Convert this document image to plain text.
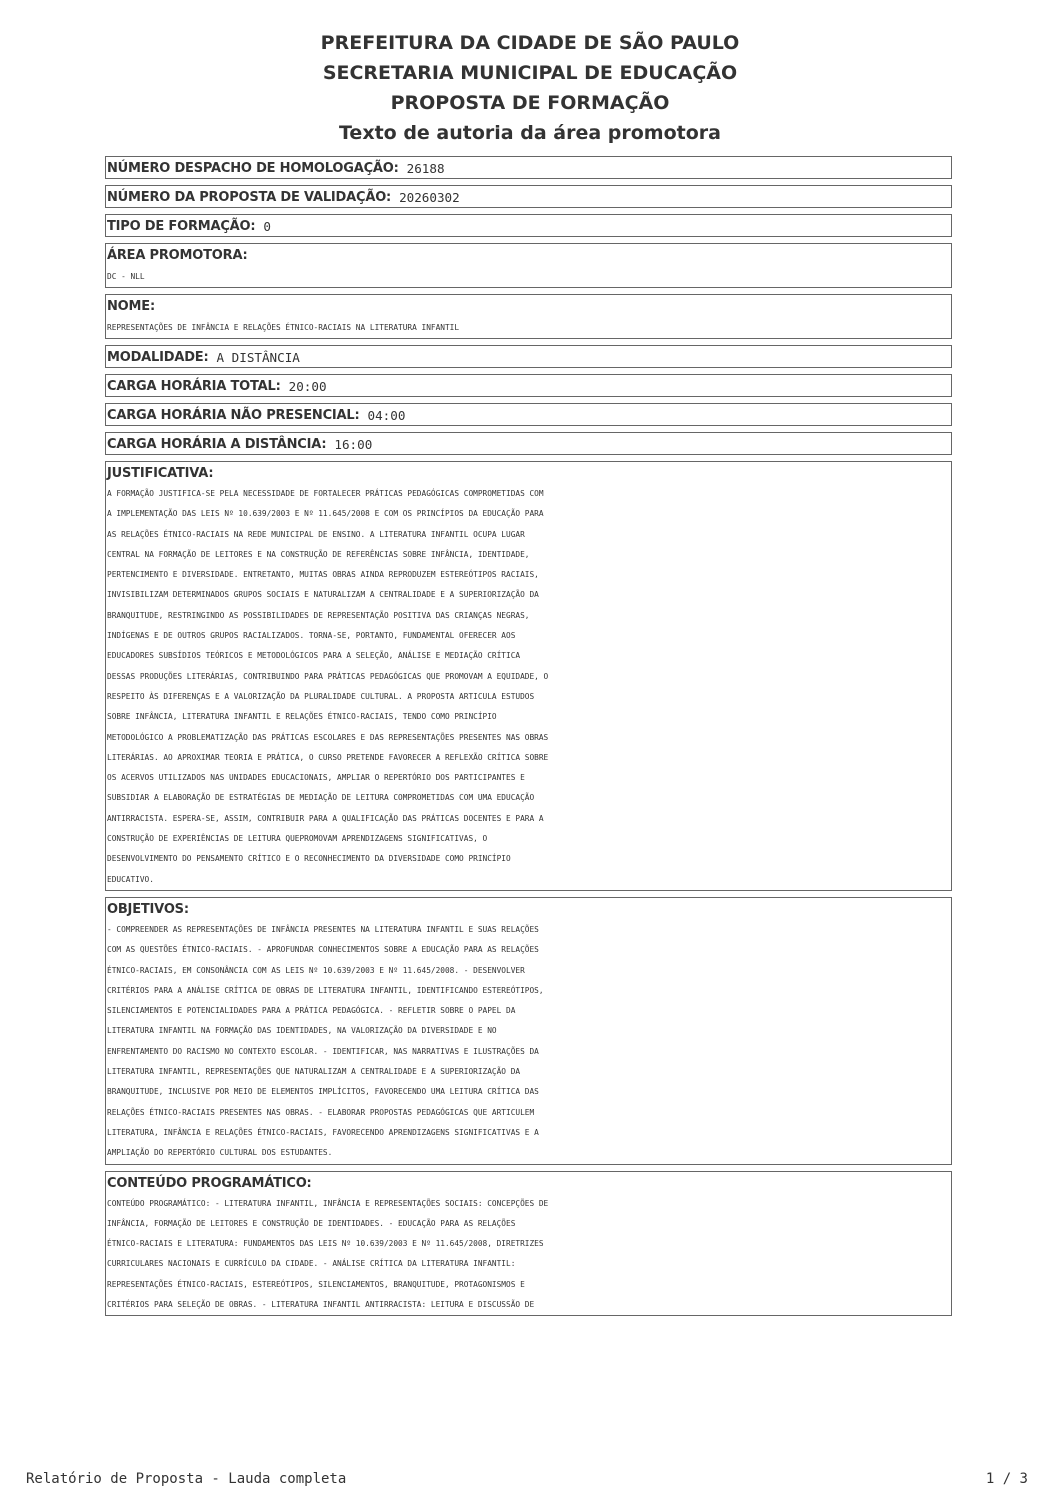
PREFEITURA DA CIDADE DE SÃO PAULO
SECRETARIA MUNICIPAL DE EDUCAÇÃO
PROPOSTA DE FORMAÇÃO
Texto de autoria da área promotora
NÚMERO DESPACHO DE HOMOLOGAÇÃO: 26188
NÚMERO DA PROPOSTA DE VALIDAÇÃO: 20260302
TIPO DE FORMAÇÃO: 0
ÁREA PROMOTORA:
DC - NLL
NOME:
REPRESENTAÇÕES DE INFÂNCIA E RELAÇÕES ÉTNICO-RACIAIS NA LITERATURA INFANTIL
MODALIDADE: A DISTÂNCIA
CARGA HORÁRIA TOTAL: 20:00
CARGA HORÁRIA NÃO PRESENCIAL: 04:00
CARGA HORÁRIA A DISTÂNCIA: 16:00
JUSTIFICATIVA:
A FORMAÇÃO JUSTIFICA-SE PELA NECESSIDADE DE FORTALECER PRÁTICAS PEDAGÓGICAS COMPROMETIDAS COM
A IMPLEMENTAÇÃO DAS LEIS Nº 10.639/2003 E Nº 11.645/2008 E COM OS PRINCÍPIOS DA EDUCAÇÃO PARA
AS RELAÇÕES ÉTNICO-RACIAIS NA REDE MUNICIPAL DE ENSINO. A LITERATURA INFANTIL OCUPA LUGAR
CENTRAL NA FORMAÇÃO DE LEITORES E NA CONSTRUÇÃO DE REFERÊNCIAS SOBRE INFÂNCIA, IDENTIDADE,
PERTENCIMENTO E DIVERSIDADE. ENTRETANTO, MUITAS OBRAS AINDA REPRODUZEM ESTEREÓTIPOS RACIAIS,
INVISIBILIZAM DETERMINADOS GRUPOS SOCIAIS E NATURALIZAM A CENTRALIDADE E A SUPERIORIZAÇÃO DA
BRANQUITUDE, RESTRINGINDO AS POSSIBILIDADES DE REPRESENTAÇÃO POSITIVA DAS CRIANÇAS NEGRAS,
INDÍGENAS E DE OUTROS GRUPOS RACIALIZADOS. TORNA-SE, PORTANTO, FUNDAMENTAL OFERECER AOS
EDUCADORES SUBSÍDIOS TEÓRICOS E METODOLÓGICOS PARA A SELEÇÃO, ANÁLISE E MEDIAÇÃO CRÍTICA
DESSAS PRODUÇÕES LITERÁRIAS, CONTRIBUINDO PARA PRÁTICAS PEDAGÓGICAS QUE PROMOVAM A EQUIDADE, O
RESPEITO ÀS DIFERENÇAS E A VALORIZAÇÃO DA PLURALIDADE CULTURAL. A PROPOSTA ARTICULA ESTUDOS
SOBRE INFÂNCIA, LITERATURA INFANTIL E RELAÇÕES ÉTNICO-RACIAIS, TENDO COMO PRINCÍPIO
METODOLÓGICO A PROBLEMATIZAÇÃO DAS PRÁTICAS ESCOLARES E DAS REPRESENTAÇÕES PRESENTES NAS OBRAS
LITERÁRIAS. AO APROXIMAR TEORIA E PRÁTICA, O CURSO PRETENDE FAVORECER A REFLEXÃO CRÍTICA SOBRE
OS ACERVOS UTILIZADOS NAS UNIDADES EDUCACIONAIS, AMPLIAR O REPERTÓRIO DOS PARTICIPANTES E
SUBSIDIAR A ELABORAÇÃO DE ESTRATÉGIAS DE MEDIAÇÃO DE LEITURA COMPROMETIDAS COM UMA EDUCAÇÃO
ANTIRRACISTA. ESPERA-SE, ASSIM, CONTRIBUIR PARA A QUALIFICAÇÃO DAS PRÁTICAS DOCENTES E PARA A
CONSTRUÇÃO DE EXPERIÊNCIAS DE LEITURA QUEPROMOVAM APRENDIZAGENS SIGNIFICATIVAS, O
DESENVOLVIMENTO DO PENSAMENTO CRÍTICO E O RECONHECIMENTO DA DIVERSIDADE COMO PRINCÍPIO
EDUCATIVO.
OBJETIVOS:
- COMPREENDER AS REPRESENTAÇÕES DE INFÂNCIA PRESENTES NA LITERATURA INFANTIL E SUAS RELAÇÕES
COM AS QUESTÕES ÉTNICO-RACIAIS. - APROFUNDAR CONHECIMENTOS SOBRE A EDUCAÇÃO PARA AS RELAÇÕES
ÉTNICO-RACIAIS, EM CONSONÂNCIA COM AS LEIS Nº 10.639/2003 E Nº 11.645/2008. - DESENVOLVER
CRITÉRIOS PARA A ANÁLISE CRÍTICA DE OBRAS DE LITERATURA INFANTIL, IDENTIFICANDO ESTEREÓTIPOS,
SILENCIAMENTOS E POTENCIALIDADES PARA A PRÁTICA PEDAGÓGICA. - REFLETIR SOBRE O PAPEL DA
LITERATURA INFANTIL NA FORMAÇÃO DAS IDENTIDADES, NA VALORIZAÇÃO DA DIVERSIDADE E NO
ENFRENTAMENTO DO RACISMO NO CONTEXTO ESCOLAR. - IDENTIFICAR, NAS NARRATIVAS E ILUSTRAÇÕES DA
LITERATURA INFANTIL, REPRESENTAÇÕES QUE NATURALIZAM A CENTRALIDADE E A SUPERIORIZAÇÃO DA
BRANQUITUDE, INCLUSIVE POR MEIO DE ELEMENTOS IMPLÍCITOS, FAVORECENDO UMA LEITURA CRÍTICA DAS
RELAÇÕES ÉTNICO-RACIAIS PRESENTES NAS OBRAS. - ELABORAR PROPOSTAS PEDAGÓGICAS QUE ARTICULEM
LITERATURA, INFÂNCIA E RELAÇÕES ÉTNICO-RACIAIS, FAVORECENDO APRENDIZAGENS SIGNIFICATIVAS E A
AMPLIAÇÃO DO REPERTÓRIO CULTURAL DOS ESTUDANTES.
CONTEÚDO PROGRAMÁTICO:
CONTEÚDO PROGRAMÁTICO: - LITERATURA INFANTIL, INFÂNCIA E REPRESENTAÇÕES SOCIAIS: CONCEPÇÕES DE
INFÂNCIA, FORMAÇÃO DE LEITORES E CONSTRUÇÃO DE IDENTIDADES. - EDUCAÇÃO PARA AS RELAÇÕES
ÉTNICO-RACIAIS E LITERATURA: FUNDAMENTOS DAS LEIS Nº 10.639/2003 E Nº 11.645/2008, DIRETRIZES
CURRICULARES NACIONAIS E CURRÍCULO DA CIDADE. - ANÁLISE CRÍTICA DA LITERATURA INFANTIL:
REPRESENTAÇÕES ÉTNICO-RACIAIS, ESTEREÓTIPOS, SILENCIAMENTOS, BRANQUITUDE, PROTAGONISMOS E
CRITÉRIOS PARA SELEÇÃO DE OBRAS. - LITERATURA INFANTIL ANTIRRACISTA: LEITURA E DISCUSSÃO DE
Relatório de Proposta - Lauda completa	1 / 3
